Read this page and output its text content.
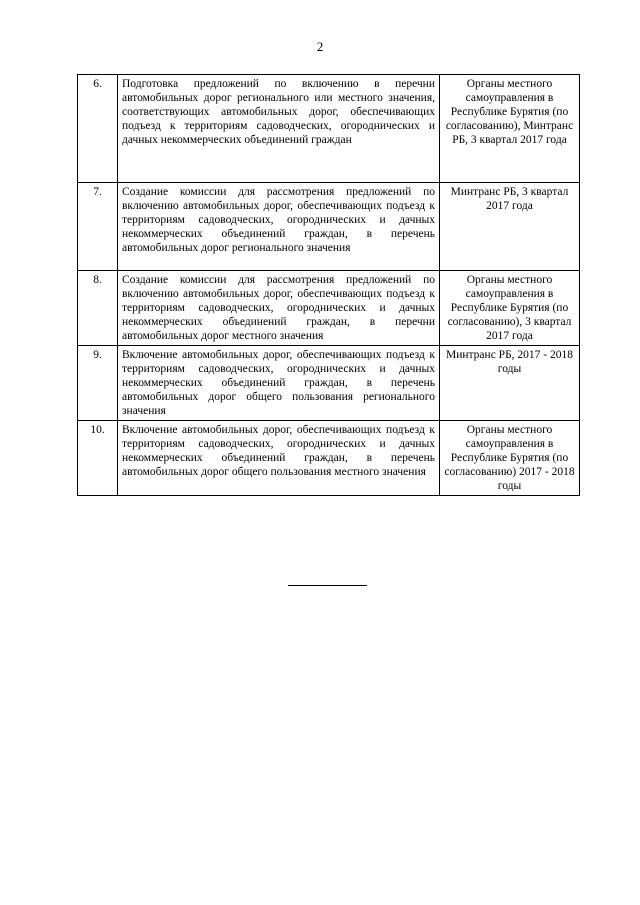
2
6.	Подготовка предложений по включению в перечни автомобильных дорог регионального или местного значения, соответствующих автомобильных дорог, обеспечивающих подъезд к территориям садоводческих, огороднических и дачных некоммерческих объединений граждан	Органы местного самоуправления в Республике Бурятия (по согласованию), Минтранс РБ, 3 квартал 2017 года
7.	Создание комиссии для рассмотрения предложений по включению автомобильных дорог, обеспечивающих подъезд к территориям садоводческих, огороднических и дачных некоммерческих объединений граждан, в перечень автомобильных дорог регионального значения	Минтранс РБ, 3 квартал 2017 года
8.	Создание комиссии для рассмотрения предложений по включению автомобильных дорог, обеспечивающих подъезд к территориям садоводческих, огороднических и дачных некоммерческих объединений граждан, в перечни автомобильных дорог местного значения	Органы местного самоуправления в Республике Бурятия (по согласованию), 3 квартал 2017 года
9.	Включение автомобильных дорог, обеспечивающих подъезд к территориям садоводческих, огороднических и дачных некоммерческих объединений граждан, в перечень автомобильных дорог общего пользования регионального значения	Минтранс РБ, 2017 - 2018 годы
10.	Включение автомобильных дорог, обеспечивающих подъезд к территориям садоводческих, огороднических и дачных некоммерческих объединений граждан, в перечень автомобильных дорог общего пользования местного значения	Органы местного самоуправления в Республике Бурятия (по согласованию) 2017 - 2018 годы
